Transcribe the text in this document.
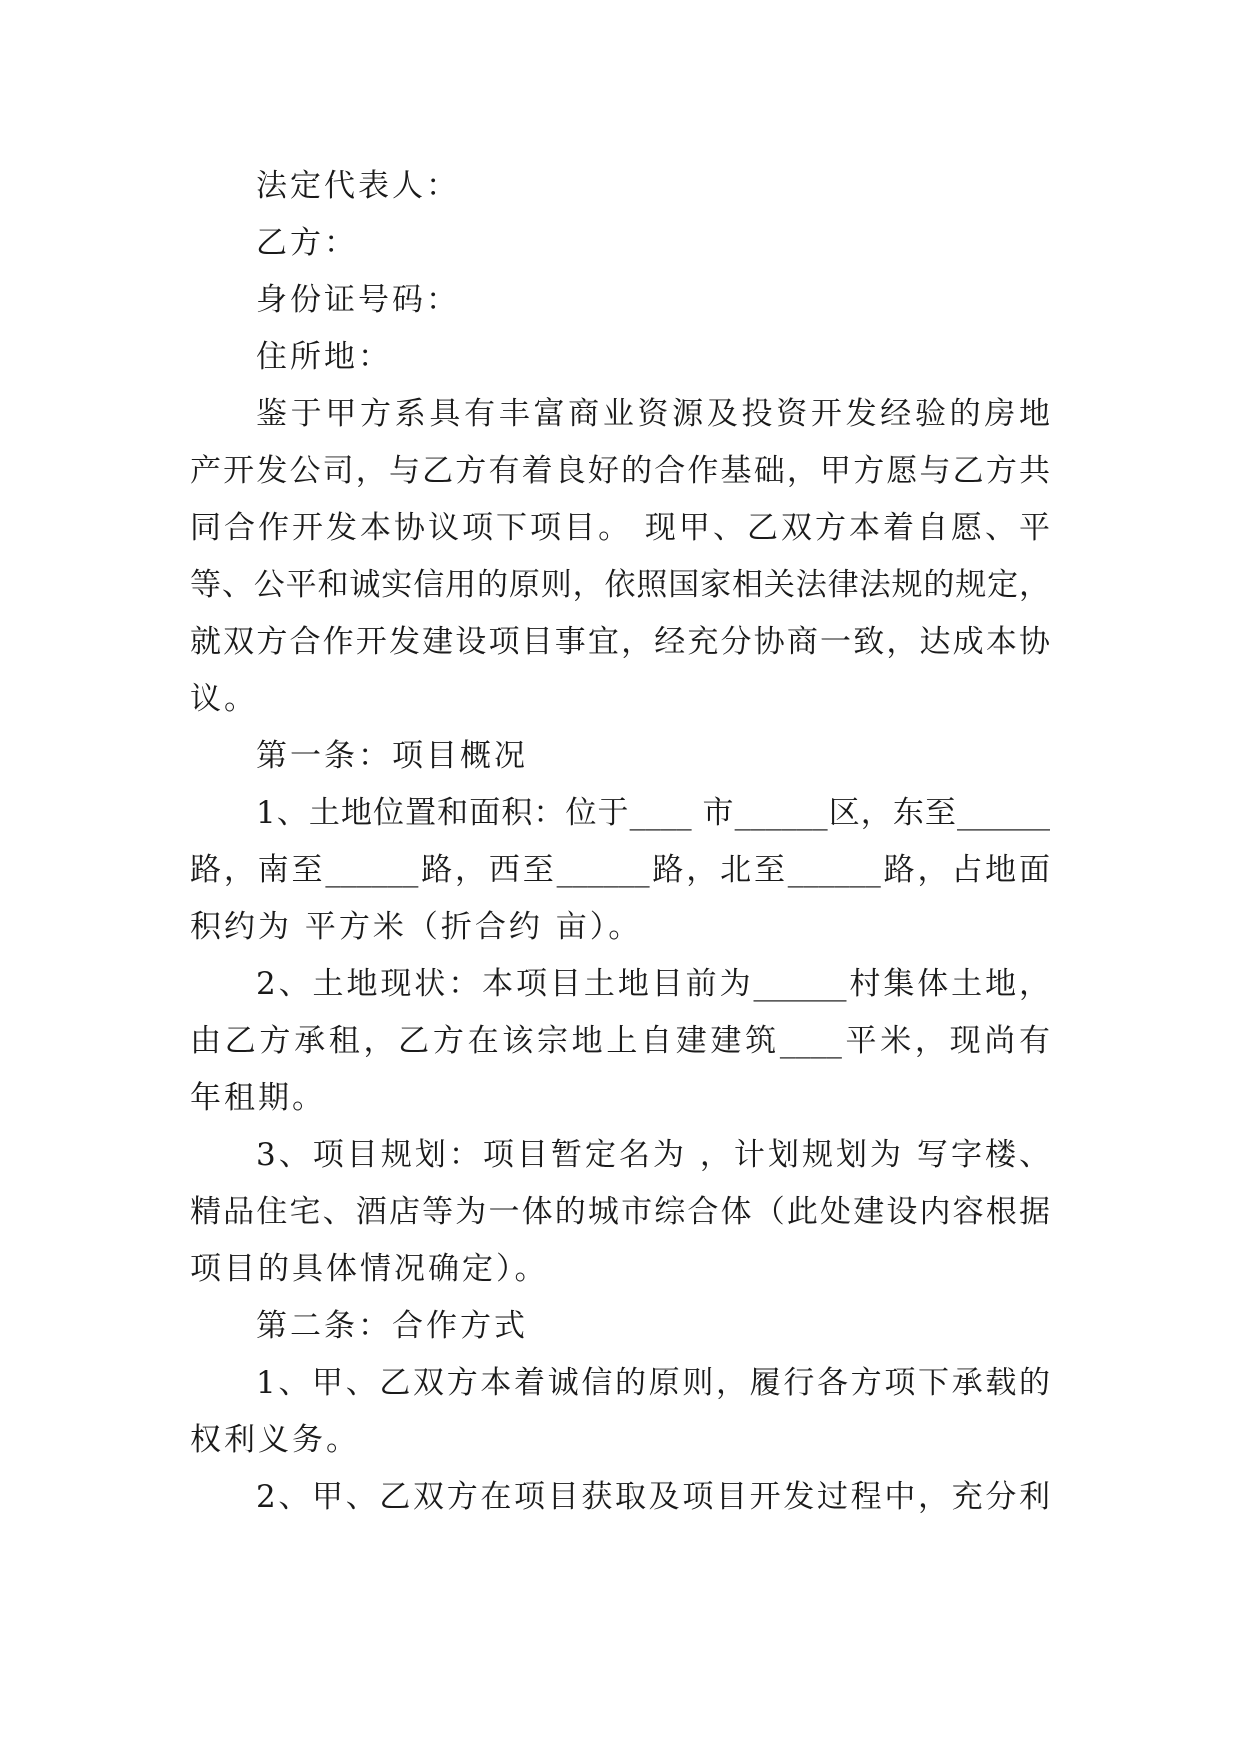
法定代表人：
乙方：
身份证号码：
住所地：
鉴于甲方系具有丰富商业资源及投资开发经验的房地
产开发公司，与乙方有着良好的合作基础，甲方愿与乙方共
同合作开发本协议项下项目。 现甲、乙双方本着自愿、平
等、公平和诚实信用的原则，依照国家相关法律法规的规定，
就双方合作开发建设项目事宜，经充分协商一致，达成本协
议。
第一条：项目概况
1、土地位置和面积：位于____ 市______区，东至______
路，南至______路，西至______路，北至______路，占地面
积约为 平方米（折合约 亩）。
2、土地现状：本项目土地目前为______村集体土地，
由乙方承租，乙方在该宗地上自建建筑____平米，现尚有
年租期。
3、项目规划：项目暂定名为 ，计划规划为 写字楼、
精品住宅、酒店等为一体的城市综合体（此处建设内容根据
项目的具体情况确定）。
第二条：合作方式
1、甲、乙双方本着诚信的原则，履行各方项下承载的
权利义务。
2、甲、乙双方在项目获取及项目开发过程中，充分利
